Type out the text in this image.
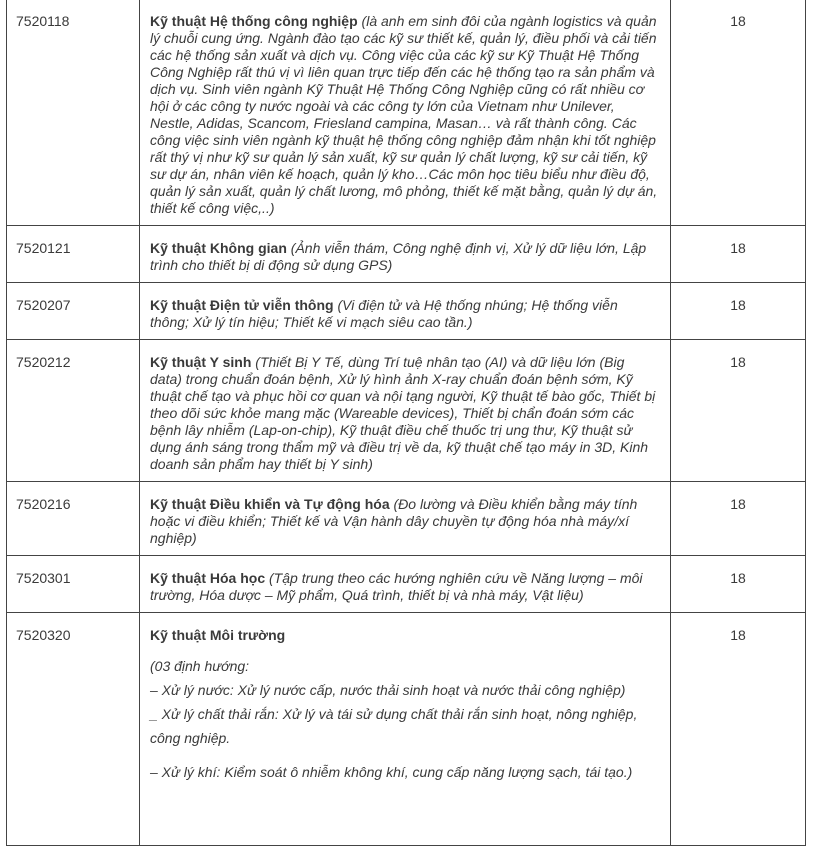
7520118	Kỹ thuật Hệ thống công nghiệp (là anh em sinh đôi của ngành logistics và quản lý chuỗi cung ứng. Ngành đào tạo các kỹ sư thiết kế, quản lý, điều phối và cải tiến các hệ thống sản xuất và dịch vụ. Công việc của các kỹ sư Kỹ Thuật Hệ Thống Công Nghiệp rất thú vị vì liên quan trực tiếp đến các hệ thống tạo ra sản phẩm và dịch vụ. Sinh viên ngành Kỹ Thuật Hệ Thống Công Nghiệp cũng có rất nhiều cơ hội ở các công ty nước ngoài và các công ty lớn của Vietnam như Unilever, Nestle, Adidas, Scancom, Friesland campina, Masan… và rất thành công. Các công việc sinh viên ngành kỹ thuật hệ thống công nghiệp đảm nhận khi tốt nghiệp rất thý vị như kỹ sư quản lý sản xuất, kỹ sư quản lý chất lượng, kỹ sư cải tiến, kỹ sư dự án, nhân viên kế hoạch, quản lý kho…Các môn học tiêu biểu như điều độ, quản lý sản xuất, quản lý chất lương, mô phỏng, thiết kế mặt bằng, quản lý dự án, thiết kế công việc,..)	18
7520121	Kỹ thuật Không gian (Ảnh viễn thám, Công nghệ định vị, Xử lý dữ liệu lớn, Lập trình cho thiết bị di động sử dụng GPS)	18
7520207	Kỹ thuật Điện tử viễn thông (Vi điện tử và Hệ thống nhúng; Hệ thống viễn thông; Xử lý tín hiệu; Thiết kế vi mạch siêu cao tần.)	18
7520212	Kỹ thuật Y sinh (Thiết Bị Y Tế, dùng Trí tuệ nhân tạo (AI) và dữ liệu lớn (Big data) trong chuẩn đoán bệnh, Xử lý hình ảnh X-ray chuẩn đoán bệnh sớm, Kỹ thuật chế tạo và phục hồi cơ quan và nội tạng người, Kỹ thuật tế bào gốc, Thiết bị theo dõi sức khỏe mang mặc (Wareable devices), Thiết bị chẩn đoán sớm các bệnh lây nhiễm (Lap-on-chip), Kỹ thuật điều chế thuốc trị ung thư, Kỹ thuật sử dụng ánh sáng trong thẩm mỹ và điều trị về da, kỹ thuật chế tạo máy in 3D, Kinh doanh sản phẩm hay thiết bị Y sinh)	18
7520216	Kỹ thuật Điều khiển và Tự động hóa (Đo lường và Điều khiển bằng máy tính hoặc vi điều khiển; Thiết kế và Vận hành dây chuyền tự động hóa nhà máy/xí nghiệp)	18
7520301	Kỹ thuật Hóa học (Tập trung theo các hướng nghiên cứu về Năng lượng – môi trường, Hóa dược – Mỹ phẩm, Quá trình, thiết bị và nhà máy, Vật liệu)	18
7520320	Kỹ thuật Môi trường

(03 định hướng:

– Xử lý nước: Xử lý nước cấp, nước thải sinh hoạt và nước thải công nghiệp)

_ Xử lý chất thải rắn: Xử lý và tái sử dụng chất thải rắn sinh hoạt, nông nghiệp, công nghiệp.

– Xử lý khí: Kiểm soát ô nhiễm không khí, cung cấp năng lượng sạch, tái tạo.)	18
